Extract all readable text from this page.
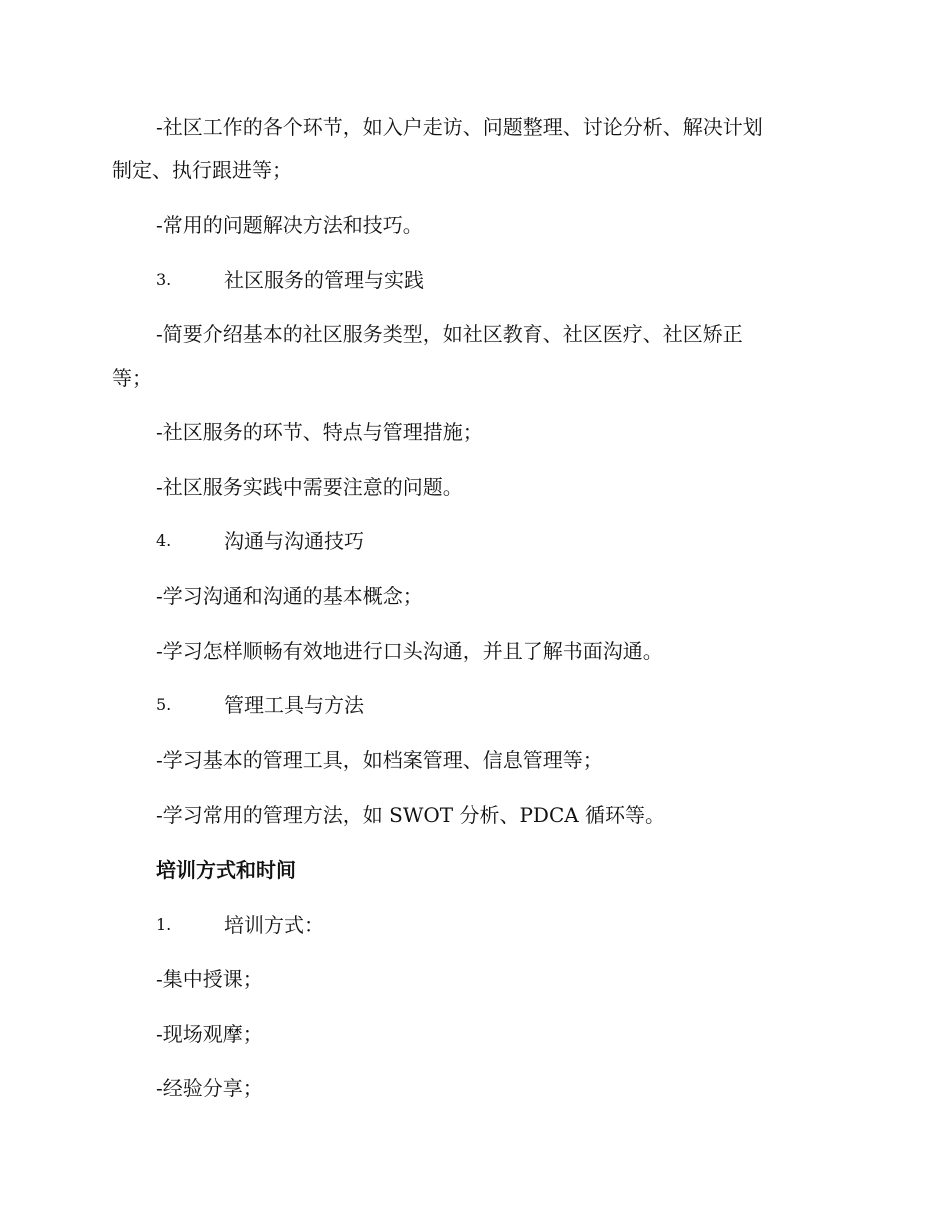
-社区工作的各个环节，如入户走访、问题整理、讨论分析、解决计划
制定、执行跟进等；
-常用的问题解决方法和技巧。
3.	社区服务的管理与实践
-简要介绍基本的社区服务类型，如社区教育、社区医疗、社区矫正
等；
-社区服务的环节、特点与管理措施；
-社区服务实践中需要注意的问题。
4.	沟通与沟通技巧
-学习沟通和沟通的基本概念；
-学习怎样顺畅有效地进行口头沟通，并且了解书面沟通。
5.	管理工具与方法
-学习基本的管理工具，如档案管理、信息管理等；
-学习常用的管理方法，如 SWOT 分析、PDCA 循环等。
培训方式和时间
1.	培训方式：
-集中授课；
-现场观摩；
-经验分享；
